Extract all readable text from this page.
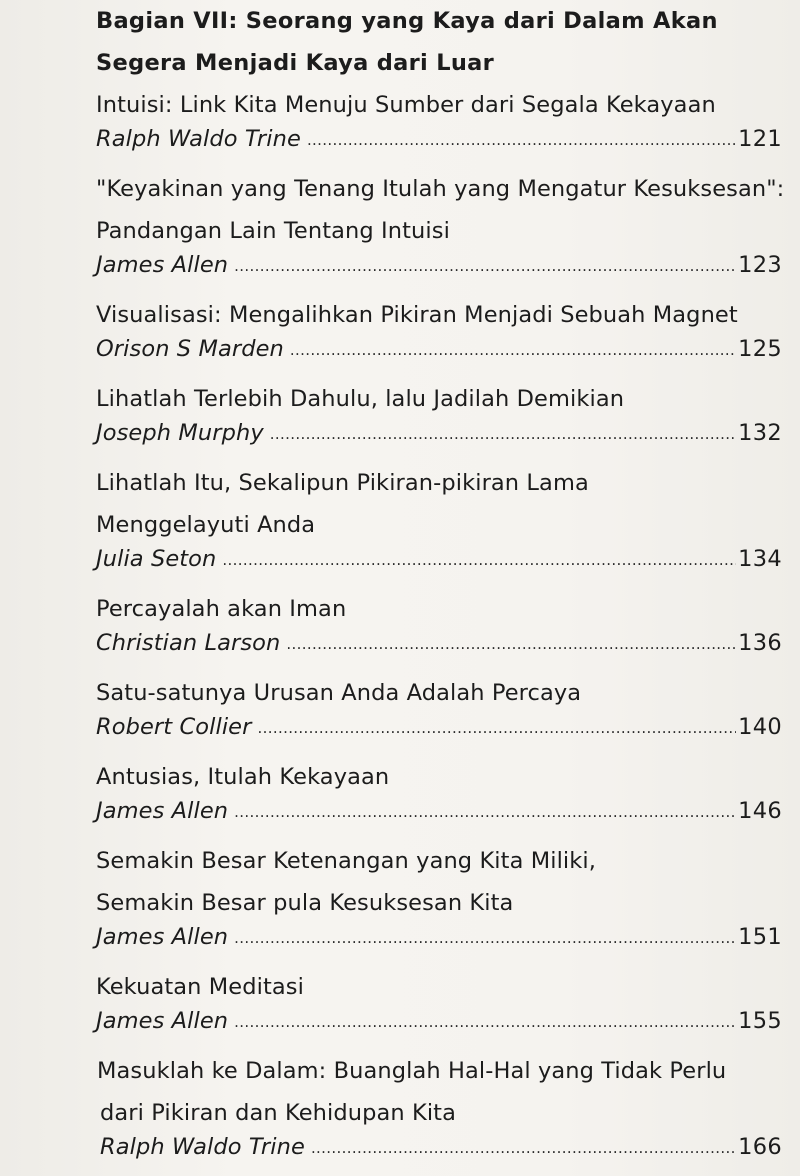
Bagian VII: Seorang yang Kaya dari Dalam Akan
Segera Menjadi Kaya dari Luar
Intuisi: Link Kita Menuju Sumber dari Segala Kekayaan
Ralph Waldo Trine .....	121
"Keyakinan yang Tenang Itulah yang Mengatur Kesuksesan":
Pandangan Lain Tentang Intuisi
James Allen .....	123
Visualisasi: Mengalihkan Pikiran Menjadi Sebuah Magnet
Orison S Marden .....	125
Lihatlah Terlebih Dahulu, lalu Jadilah Demikian
Joseph Murphy .....	132
Lihatlah Itu, Sekalipun Pikiran-pikiran Lama
Menggelayuti Anda
Julia Seton .....	134
Percayalah akan Iman
Christian Larson .....	136
Satu-satunya Urusan Anda Adalah Percaya
Robert Collier .....	140
Antusias, Itulah Kekayaan
James Allen .....	146
Semakin Besar Ketenangan yang Kita Miliki,
Semakin Besar pula Kesuksesan Kita
James Allen .....	151
Kekuatan Meditasi
James Allen .....	155
Masuklah ke Dalam: Buanglah Hal-Hal yang Tidak Perlu
dari Pikiran dan Kehidupan Kita
Ralph Waldo Trine .....	166
